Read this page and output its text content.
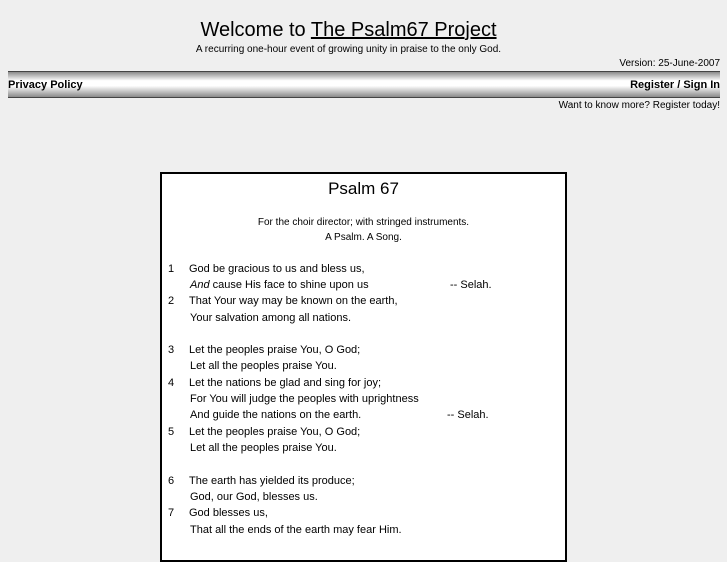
Welcome to The Psalm67 Project
A recurring one-hour event of growing unity in praise to the only God.
Version: 25-June-2007
Privacy Policy	Register / Sign In
Want to know more? Register today!
Psalm 67
For the choir director; with stringed instruments.
A Psalm. A Song.
1 God be gracious to us and bless us,
And cause His face to shine upon us	-- Selah.
2 That Your way may be known on the earth,
Your salvation among all nations.
3 Let the peoples praise You, O God;
Let all the peoples praise You.
4 Let the nations be glad and sing for joy;
For You will judge the peoples with uprightness
And guide the nations on the earth.	-- Selah.
5 Let the peoples praise You, O God;
Let all the peoples praise You.
6 The earth has yielded its produce;
God, our God, blesses us.
7 God blesses us,
That all the ends of the earth may fear Him.
